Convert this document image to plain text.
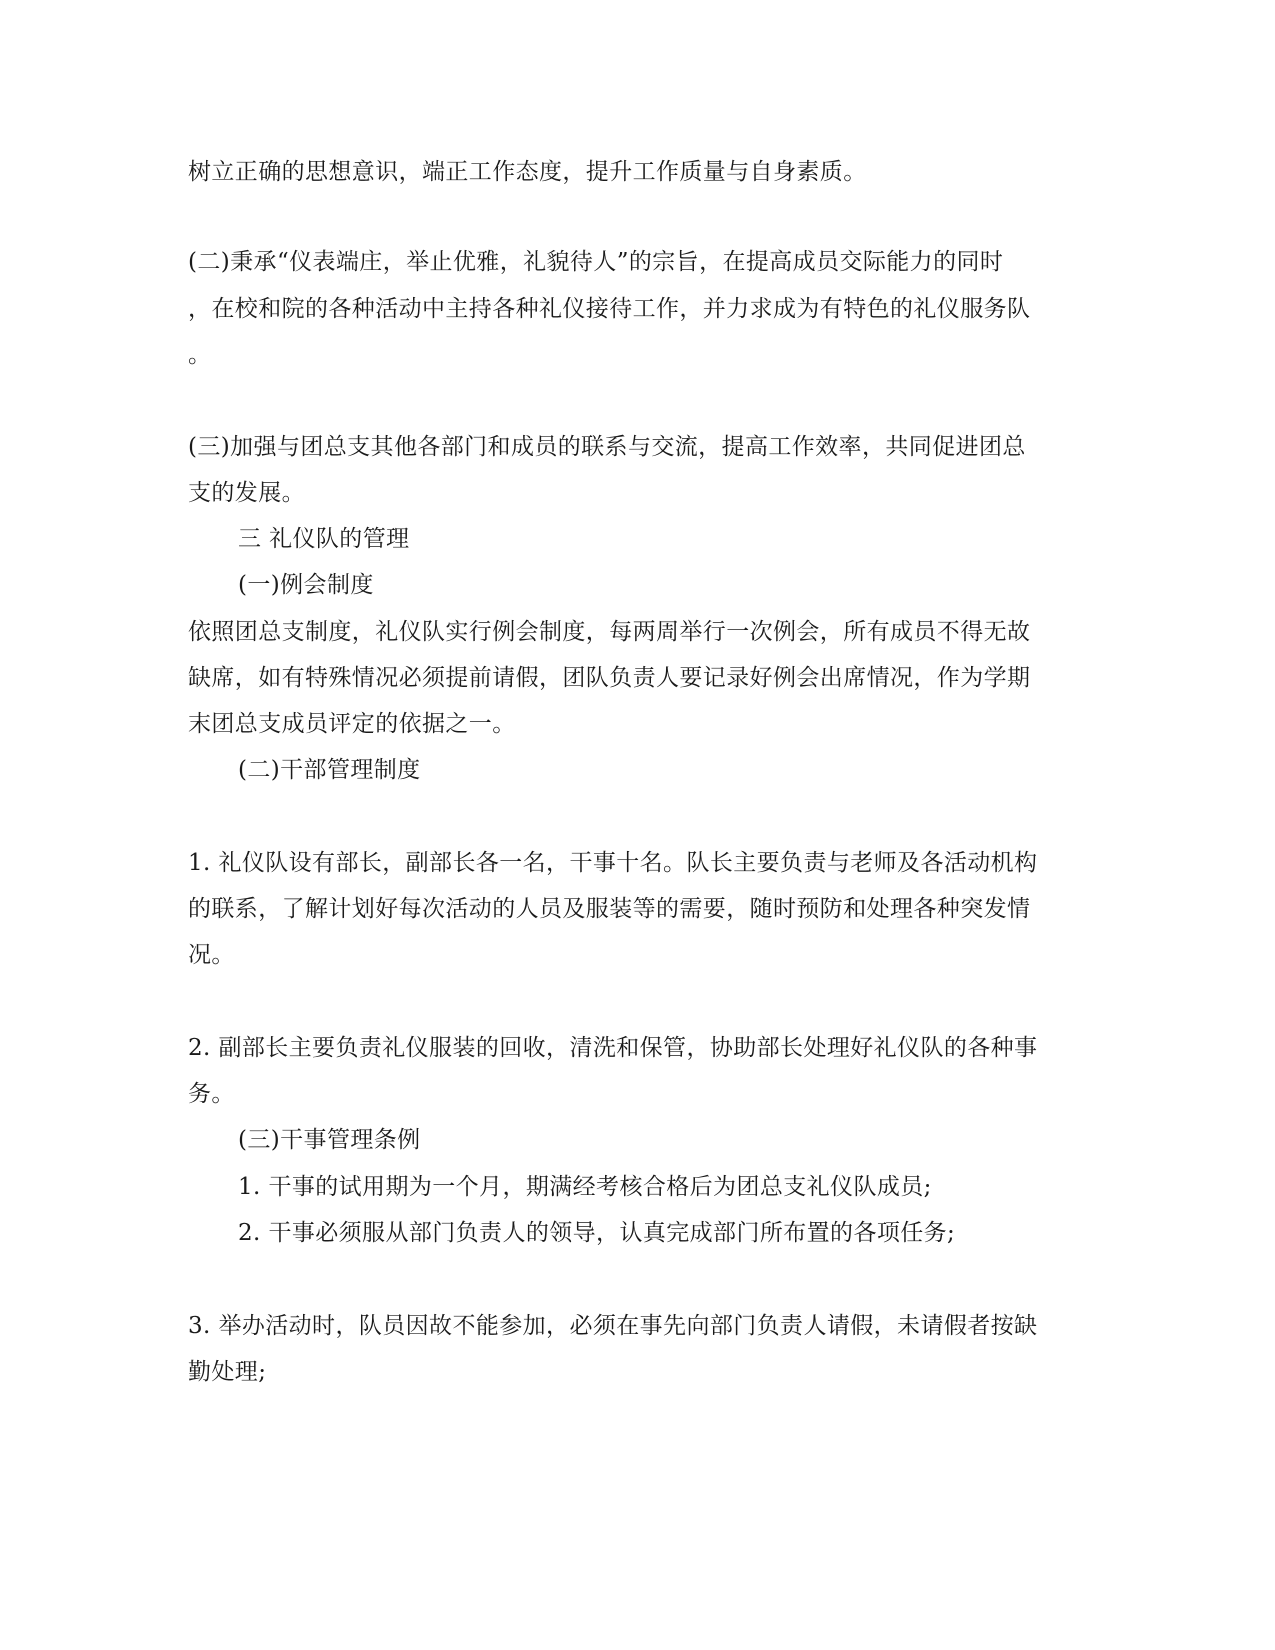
树立正确的思想意识，端正工作态度，提升工作质量与自身素质。
(二)秉承“仪表端庄，举止优雅，礼貌待人”的宗旨，在提高成员交际能力的同时
，在校和院的各种活动中主持各种礼仪接待工作，并力求成为有特色的礼仪服务队
。
(三)加强与团总支其他各部门和成员的联系与交流，提高工作效率，共同促进团总
支的发展。
三 礼仪队的管理
(一)例会制度
依照团总支制度，礼仪队实行例会制度，每两周举行一次例会，所有成员不得无故
缺席，如有特殊情况必须提前请假，团队负责人要记录好例会出席情况，作为学期
末团总支成员评定的依据之一。
(二)干部管理制度
1. 礼仪队设有部长，副部长各一名，干事十名。队长主要负责与老师及各活动机构
的联系，了解计划好每次活动的人员及服装等的需要，随时预防和处理各种突发情
况。
2. 副部长主要负责礼仪服装的回收，清洗和保管，协助部长处理好礼仪队的各种事
务。
(三)干事管理条例
1. 干事的试用期为一个月，期满经考核合格后为团总支礼仪队成员;
2. 干事必须服从部门负责人的领导，认真完成部门所布置的各项任务;
3. 举办活动时，队员因故不能参加，必须在事先向部门负责人请假，未请假者按缺
勤处理;
